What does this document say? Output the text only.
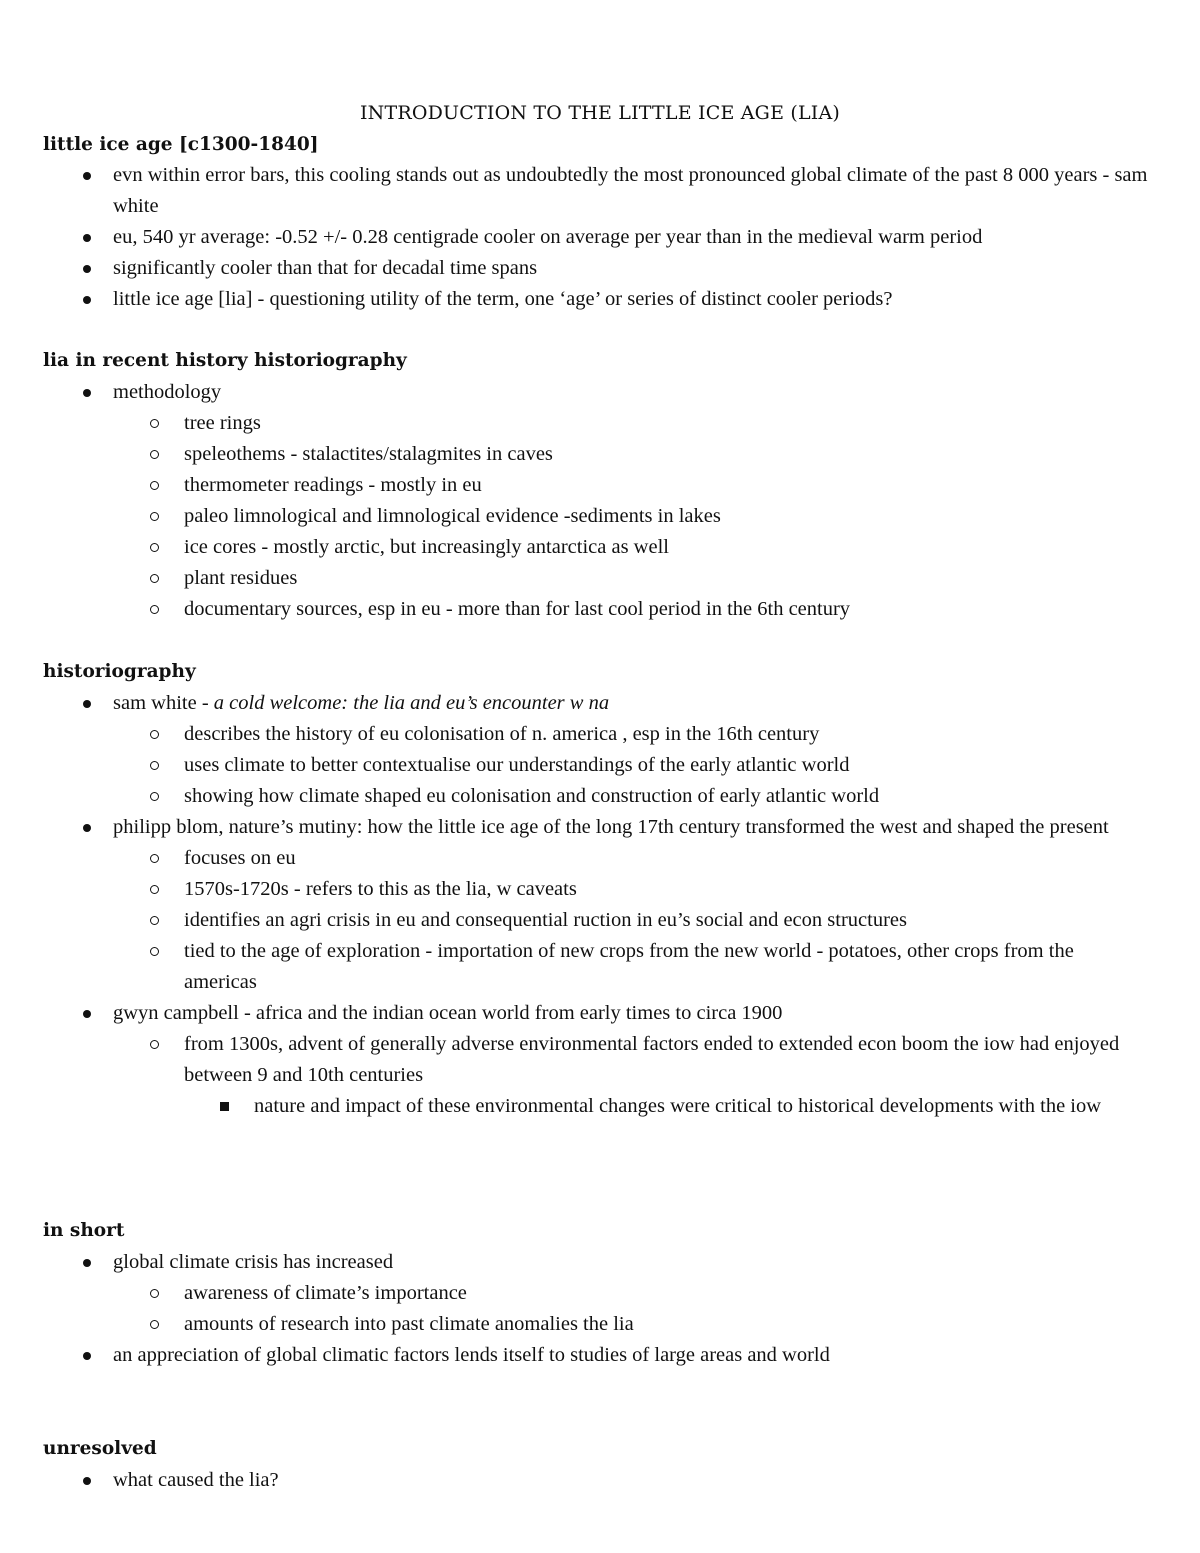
INTRODUCTION TO THE LITTLE ICE AGE (LIA)
little ice age [c1300-1840]
evn within error bars, this cooling stands out as undoubtedly the most pronounced global climate of the past 8 000 years - sam white
eu, 540 yr average: -0.52 +/- 0.28 centigrade cooler on average per year than in the medieval warm period
significantly cooler than that for decadal time spans
little ice age [lia] - questioning utility of the term, one ‘age’ or series of distinct cooler periods?
lia in recent history historiography
methodology
tree rings
speleothems - stalactites/stalagmites in caves
thermometer readings - mostly in eu
paleo limnological and limnological evidence -sediments in lakes
ice cores - mostly arctic, but increasingly antarctica as well
plant residues
documentary sources, esp in eu - more than for last cool period in the 6th century
historiography
sam white - a cold welcome: the lia and eu’s encounter w na
describes the history of eu colonisation of n. america , esp in the 16th century
uses climate to better contextualise our understandings of the early atlantic world
showing how climate shaped eu colonisation and construction of early atlantic world
philipp blom, nature’s mutiny: how the little ice age of the long 17th century transformed the west and shaped the present
focuses on eu
1570s-1720s - refers to this as the lia, w caveats
identifies an agri crisis in eu and consequential ruction in eu’s social and econ structures
tied to the age of exploration - importation of new crops from the new world - potatoes, other crops from the americas
gwyn campbell - africa and the indian ocean world from early times to circa 1900
from 1300s, advent of generally adverse environmental factors ended to extended econ boom the iow had enjoyed between 9 and 10th centuries
nature and impact of these environmental changes were critical to historical developments with the iow
in short
global climate crisis has increased
awareness of climate’s importance
amounts of research into past climate anomalies the lia
an appreciation of global climatic factors lends itself to studies of large areas and world
unresolved
what caused the lia?
